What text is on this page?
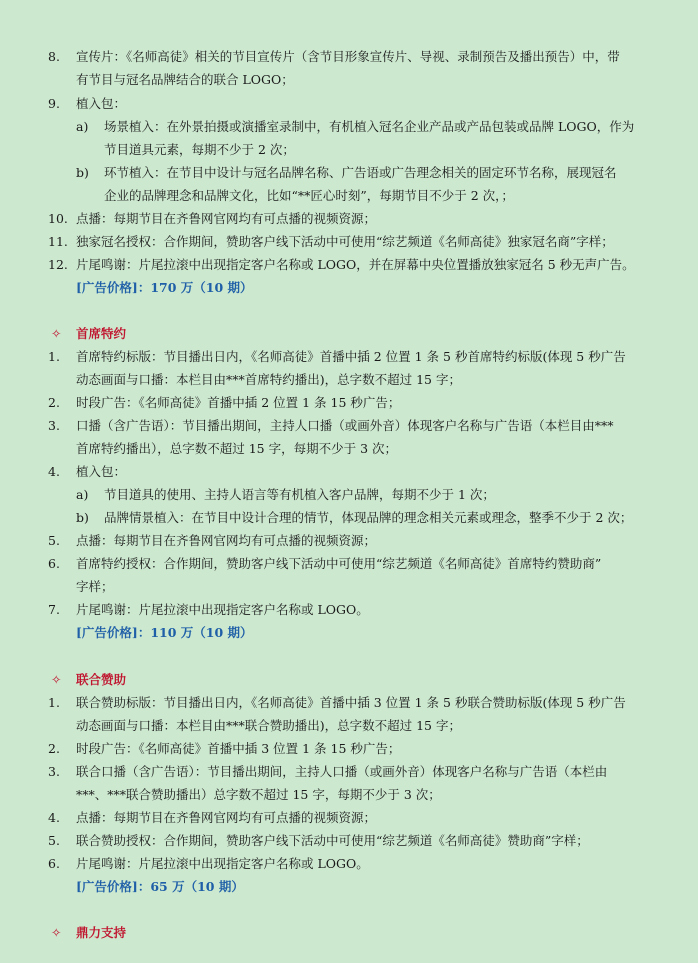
8. 宣传片：《名师高徒》相关的节目宣传片（含节目形象宣传片、导视、录制预告及播出预告）中，带
有节目与冠名品牌结合的联合 LOGO；
9. 植入包：
a) 场景植入：在外景拍摄或演播室录制中，有机植入冠名企业产品或产品包装或品牌 LOGO，作为
节目道具元素，每期不少于 2 次；
b) 环节植入：在节目中设计与冠名品牌名称、广告语或广告理念相关的固定环节名称，展现冠名
企业的品牌理念和品牌文化，比如“**匠心时刻”，每期节目不少于 2 次，；
10. 点播：每期节目在齐鲁网官网均有可点播的视频资源；
11. 独家冠名授权：合作期间，赞助客户线下活动中可使用“综艺频道《名师高徒》独家冠名商”字样；
12. 片尾鸣谢：片尾拉滚中出现指定客户名称或 LOGO，并在屏幕中央位置播放独家冠名 5 秒无声广告。
[广告价格]：170 万（10 期）
✧ 首席特约
1. 首席特约标版：节目播出日内，《名师高徒》首播中插 2 位置 1 条 5 秒首席特约标版(体现 5 秒广告
动态画面与口播：本栏目由***首席特约播出)，总字数不超过 15 字；
2. 时段广告：《名师高徒》首播中插 2 位置 1 条 15 秒广告；
3. 口播（含广告语）：节目播出期间，主持人口播（或画外音）体现客户名称与广告语（本栏目由***
首席特约播出），总字数不超过 15 字，每期不少于 3 次；
4. 植入包：
a) 节目道具的使用、主持人语言等有机植入客户品牌，每期不少于 1 次；
b) 品牌情景植入：在节目中设计合理的情节，体现品牌的理念相关元素或理念，整季不少于 2 次；
5. 点播：每期节目在齐鲁网官网均有可点播的视频资源；
6. 首席特约授权：合作期间，赞助客户线下活动中可使用“综艺频道《名师高徒》首席特约赞助商”
字样；
7. 片尾鸣谢：片尾拉滚中出现指定客户名称或 LOGO。
[广告价格]：110 万（10 期）
✧ 联合赞助
1. 联合赞助标版：节目播出日内，《名师高徒》首播中插 3 位置 1 条 5 秒联合赞助标版(体现 5 秒广告
动态画面与口播：本栏目由***联合赞助播出)，总字数不超过 15 字；
2. 时段广告：《名师高徒》首播中插 3 位置 1 条 15 秒广告；
3. 联合口播（含广告语）：节目播出期间，主持人口播（或画外音）体现客户名称与广告语（本栏由
***、***联合赞助播出）总字数不超过 15 字，每期不少于 3 次；
4. 点播：每期节目在齐鲁网官网均有可点播的视频资源；
5. 联合赞助授权：合作期间，赞助客户线下活动中可使用“综艺频道《名师高徒》赞助商”字样；
6. 片尾鸣谢：片尾拉滚中出现指定客户名称或 LOGO。
[广告价格]：65 万（10 期）
✧ 鼎力支持
